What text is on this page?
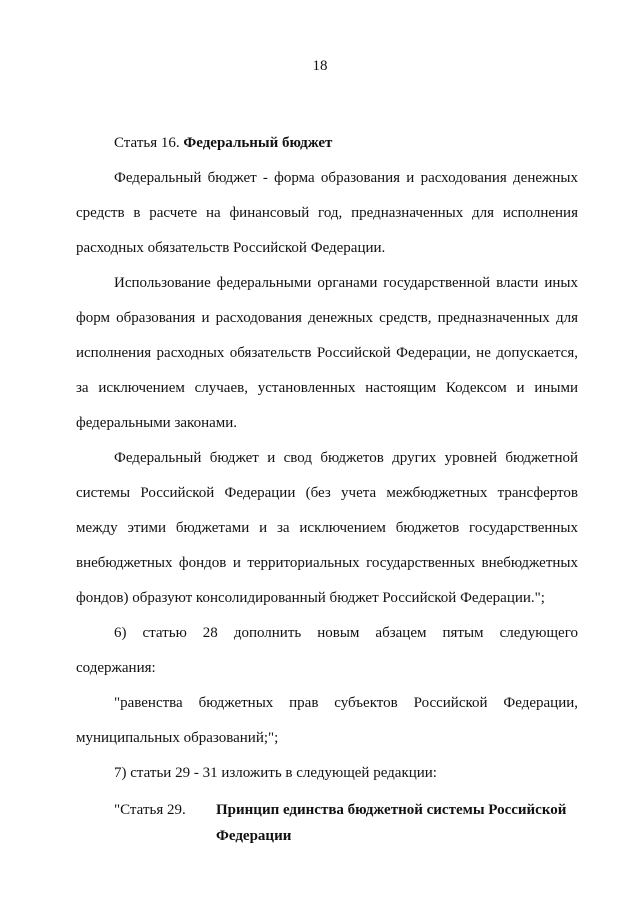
18

Статья 16. Федеральный бюджет

Федеральный бюджет - форма образования и расходования денежных средств в расчете на финансовый год, предназначенных для исполнения расходных обязательств Российской Федерации.

Использование федеральными органами государственной власти иных форм образования и расходования денежных средств, предназначенных для исполнения расходных обязательств Российской Федерации, не допускается, за исключением случаев, установленных настоящим Кодексом и иными федеральными законами.

Федеральный бюджет и свод бюджетов других уровней бюджетной системы Российской Федерации (без учета межбюджетных трансфертов между этими бюджетами и за исключением бюджетов государственных внебюджетных фондов и территориальных государственных внебюджетных фондов) образуют консолидированный бюджет Российской Федерации.";

6) статью 28 дополнить новым абзацем пятым следующего содержания:

"равенства бюджетных прав субъектов Российской Федерации, муниципальных образований;";

7) статьи 29 - 31 изложить в следующей редакции:

"Статья 29.	Принцип единства бюджетной системы Российской Федерации
